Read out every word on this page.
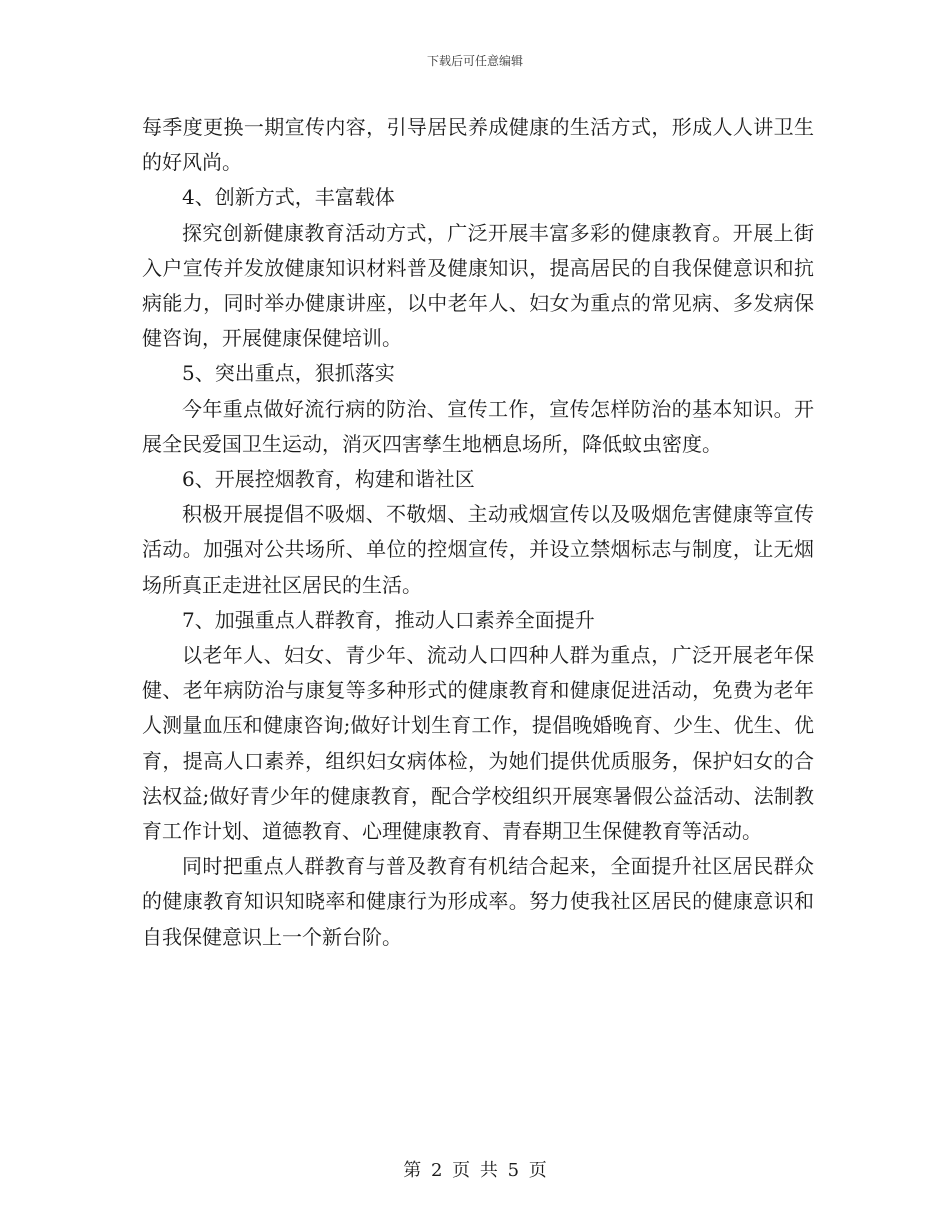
下载后可任意编辑

每季度更换一期宣传内容，引导居民养成健康的生活方式，形成人人讲卫生的好风尚。

4、创新方式，丰富载体

探究创新健康教育活动方式，广泛开展丰富多彩的健康教育。开展上街入户宣传并发放健康知识材料普及健康知识，提高居民的自我保健意识和抗病能力，同时举办健康讲座，以中老年人、妇女为重点的常见病、多发病保健咨询，开展健康保健培训。

5、突出重点，狠抓落实

今年重点做好流行病的防治、宣传工作，宣传怎样防治的基本知识。开展全民爱国卫生运动，消灭四害孳生地栖息场所，降低蚊虫密度。

6、开展控烟教育，构建和谐社区

积极开展提倡不吸烟、不敬烟、主动戒烟宣传以及吸烟危害健康等宣传活动。加强对公共场所、单位的控烟宣传，并设立禁烟标志与制度，让无烟场所真正走进社区居民的生活。

7、加强重点人群教育，推动人口素养全面提升

以老年人、妇女、青少年、流动人口四种人群为重点，广泛开展老年保健、老年病防治与康复等多种形式的健康教育和健康促进活动，免费为老年人测量血压和健康咨询;做好计划生育工作，提倡晚婚晚育、少生、优生、优育，提高人口素养，组织妇女病体检，为她们提供优质服务，保护妇女的合法权益;做好青少年的健康教育，配合学校组织开展寒暑假公益活动、法制教育工作计划、道德教育、心理健康教育、青春期卫生保健教育等活动。

同时把重点人群教育与普及教育有机结合起来，全面提升社区居民群众的健康教育知识知晓率和健康行为形成率。努力使我社区居民的健康意识和自我保健意识上一个新台阶。

第 2 页 共 5 页
